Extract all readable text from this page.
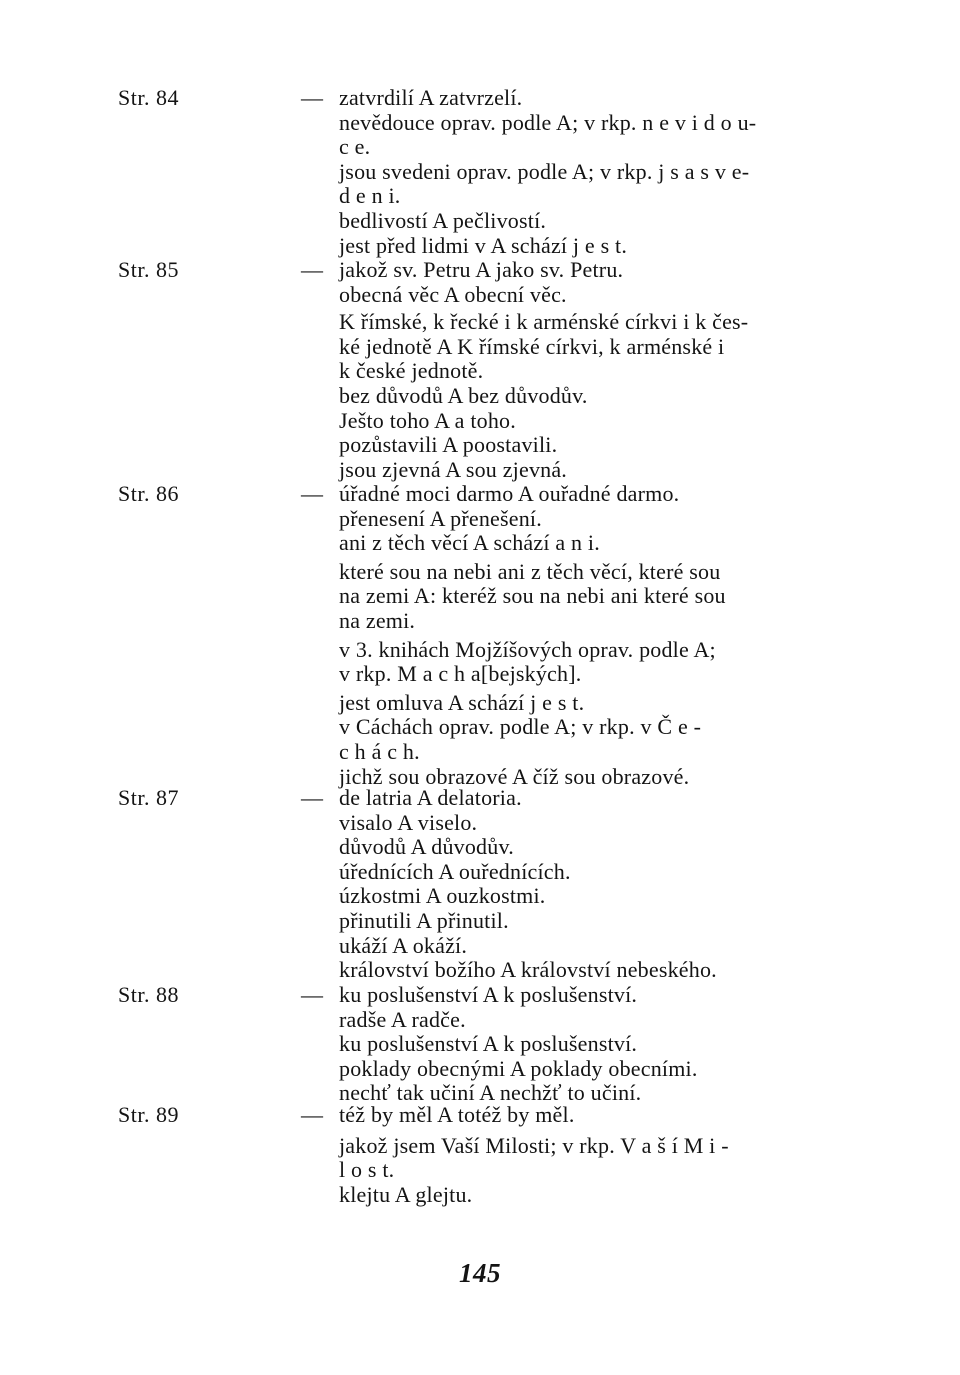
Str. 84	— zatvrdilí A zatvrzelí.
nevědouce oprav. podle A; v rkp. n e v i d o u-
c e.
jsou svedeni oprav. podle A; v rkp. j s a s v e-
d e n i.
bedlivostí A pečlivostí.
jest před lidmi v A schází j e s t.
Str. 85	— jakož sv. Petru A jako sv. Petru.
obecná věc A obecní věc.
K římské, k řecké i k arménské církvi i k čes-
ké jednotě A K římské církvi, k arménské i
k české jednotě.
bez důvodů A bez důvodův.
Ješto toho A a toho.
pozůstavili A poostavili.
jsou zjevná A sou zjevná.
Str. 86	— úřadné moci darmo A ouřadné darmo.
přenesení A přenešení.
ani z těch věcí A schází a n i.
které sou na nebi ani z těch věcí, které sou
na zemi A: kteréž sou na nebi ani které sou
na zemi.
v 3. knihách Mojžíšových oprav. podle A;
v rkp. M a c h a[bejských].
jest omluva A schází j e s t.
v Cáchách oprav. podle A; v rkp. v Č e -
c h á c h.
jichž sou obrazové A číž sou obrazové.
Str. 87	— de latria A delatoria.
visalo A viselo.
důvodů A důvodův.
úřednících A ouřednících.
úzkostmi A ouzkostmi.
přinutili A přinutil.
ukáží A okáží.
království božího A království nebeského.
Str. 88	— ku poslušenství A k poslušenství.
radše A radče.
ku poslušenství A k poslušenství.
poklady obecnými A poklady obecními.
nechť tak učiní A nechžť to učiní.
Str. 89	— též by měl A totéž by měl.
jakož jsem Vaší Milosti; v rkp. V a š í M i -
l o s t.
klejtu A glejtu.
145
